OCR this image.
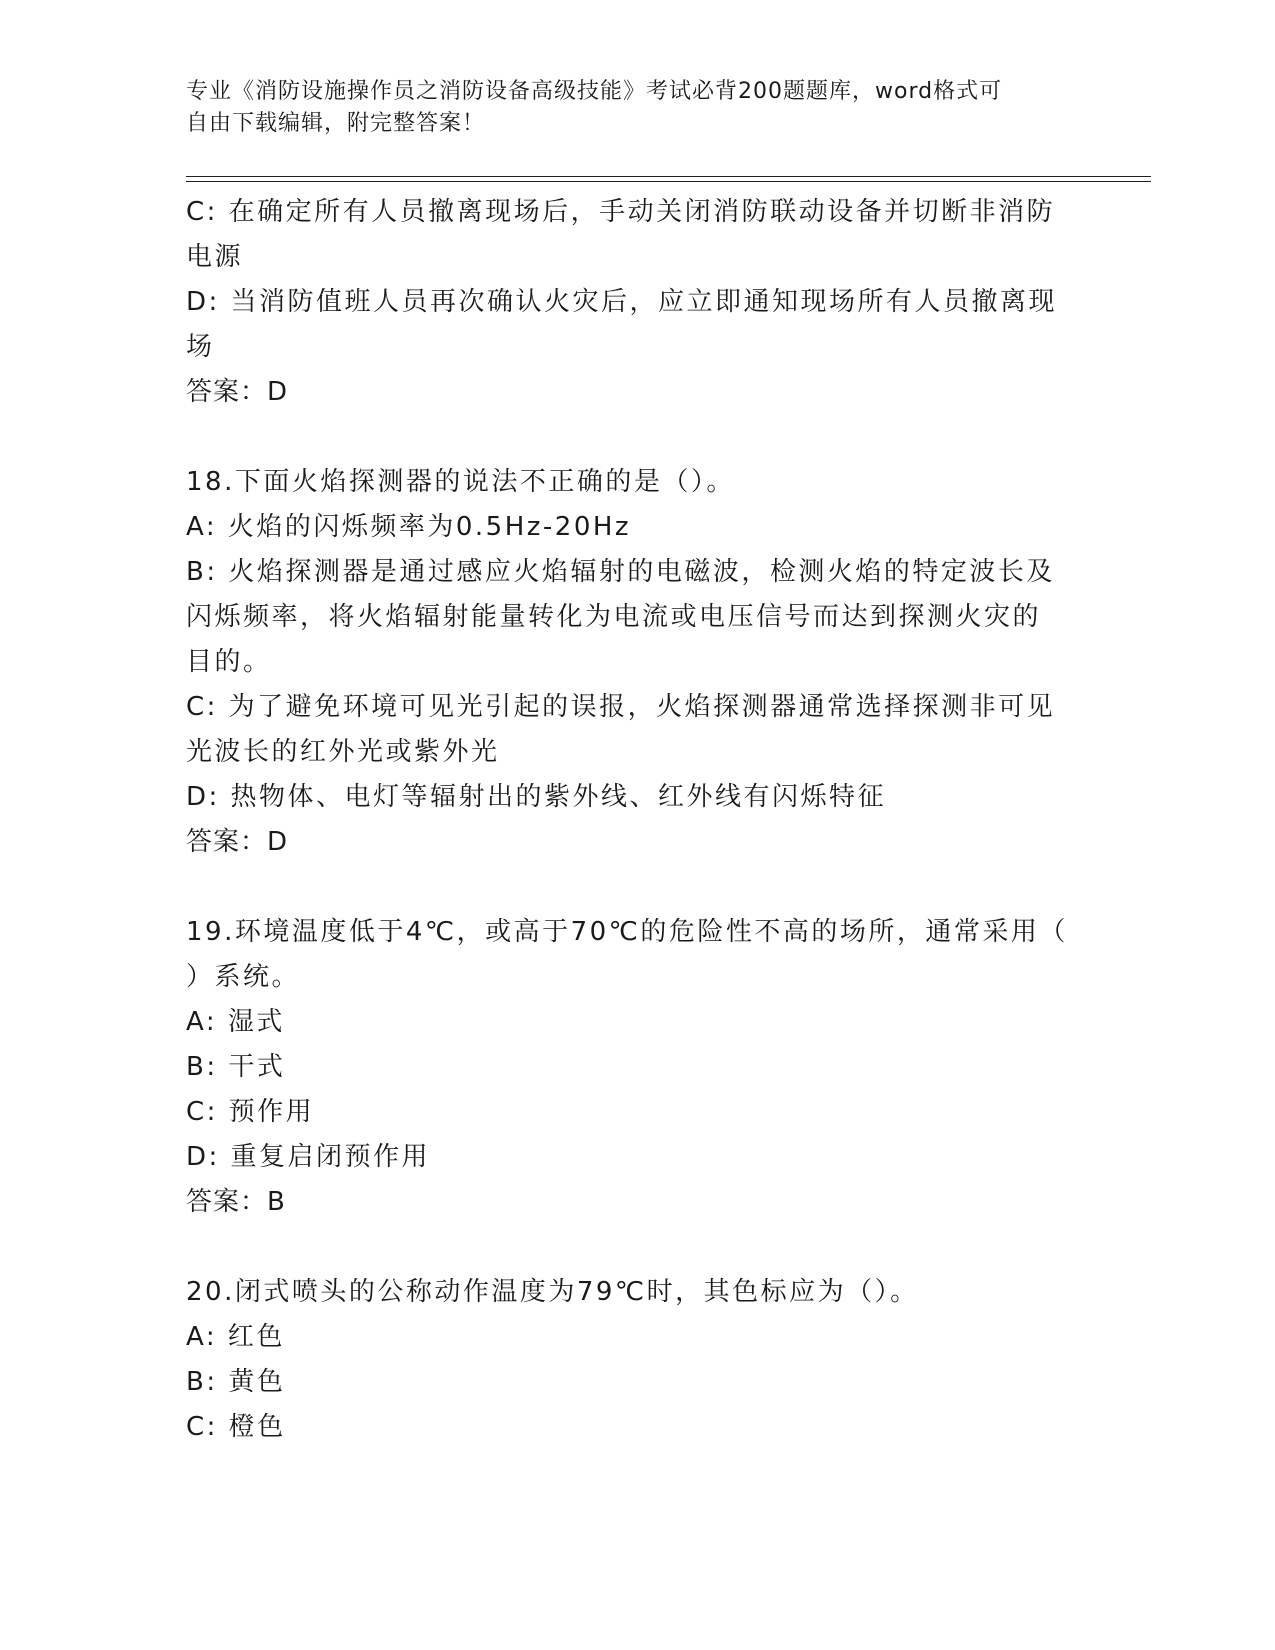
专业《消防设施操作员之消防设备高级技能》考试必背200题题库，word格式可
自由下载编辑，附完整答案！
C: 在确定所有人员撤离现场后，手动关闭消防联动设备并切断非消防
电源
D: 当消防值班人员再次确认火灾后，应立即通知现场所有人员撤离现
场
答案：D
18.下面火焰探测器的说法不正确的是（）。
A: 火焰的闪烁频率为0.5Hz-20Hz
B: 火焰探测器是通过感应火焰辐射的电磁波，检测火焰的特定波长及
闪烁频率，将火焰辐射能量转化为电流或电压信号而达到探测火灾的
目的。
C: 为了避免环境可见光引起的误报，火焰探测器通常选择探测非可见
光波长的红外光或紫外光
D: 热物体、电灯等辐射出的紫外线、红外线有闪烁特征
答案：D
19.环境温度低于4℃，或高于70℃的危险性不高的场所，通常采用（
）系统。
A: 湿式
B: 干式
C: 预作用
D: 重复启闭预作用
答案：B
20.闭式喷头的公称动作温度为79℃时，其色标应为（）。
A: 红色
B: 黄色
C: 橙色
